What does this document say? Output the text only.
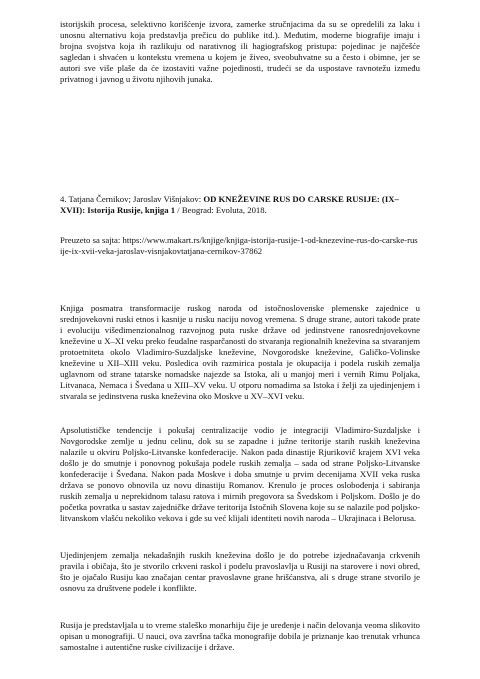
istorijskih procesa, selektivno korišćenje izvora, zamerke stručnjacima da su se opredelili za laku i unosnu alternativu koja predstavlja prečicu do publike itd.). Međutim, moderne biografije imaju i brojna svojstva koja ih razlikuju od narativnog ili hagiografskog pristupa: pojedinac je najčešće sagledan i shvaćen u kontekstu vremena u kojem je živeo, sveobuhvatne su a često i obimne, jer se autori sve više plaše da će izostaviti važne pojedinosti, trudeći se da uspostave ravnotežu između privatnog i javnog u životu njihovih junaka.

4. Tatjana Černikov; Jaroslav Višnjakov: OD KNEŽEVINE RUS DO CARSKE RUSIJE: (IX–XVII): Istorija Rusije, knjiga 1 / Beograd: Evoluta, 2018.

Preuzeto sa sajta: https://www.makart.rs/knjige/knjiga-istorija-rusije-1-od-knezevine-rus-do-carske-rusije-ix-xvii-veka-jaroslav-visnjakovtatjana-cernikov-37862

Knjiga posmatra transformacije ruskog naroda od istočnoslovenske plemenske zajednice u srednjovekovni ruski etnos i kasnije u rusku naciju novog vremena. S druge strane, autori takođe prate i evoluciju višedimenzionalnog razvojnog puta ruske države od jedinstvene ranosrednjovekovne kneževine u X–XI veku preko feudalne rasparčanosti do stvaranja regionalnih kneževina sa stvaranjem protoetniteta okolo Vladimiro-Suzdaljske kneževine, Novgorodske kneževine, Galičko-Volinske kneževine u XII–XIII veku. Posledica ovih razmirica postala je okupacija i podela ruskih zemalja uglavnom od strane tatarske nomadske najezde sa Istoka, ali u manjoj meri i vernih Rimu Poljaka, Litvanaca, Nemaca i Šveđana u XIII–XV veku. U otporu nomadima sa Istoka i želji za ujedinjenjem i stvarala se jedinstvena ruska kneževina oko Moskve u XV–XVI veku.

Apsolutističke tendencije i pokušaj centralizacije vodio je integraciji Vladimiro-Suzdaljske i Novgorodske zemlje u jednu celinu, dok su se zapadne i južne teritorije starih ruskih kneževina nalazile u okviru Poljsko-Litvanske konfederacije. Nakon pada dinastije Rjurikovič krajem XVI veka došlo je do smutnje i ponovnog pokušaja podele ruskih zemalja – sada od strane Poljsko-Litvanske konfederacije i Šveđana. Nakon pada Moskve i doba smutnje u prvim decenijama XVII veka ruska država se ponovo obnovila uz novu dinastiju Romanov. Krenulo je proces oslobođenja i sabiranja ruskih zemalja u neprekidnom talasu ratova i mirnih pregovora sa Švedskom i Poljskom. Došlo je do početka povratka u sastav zajedničke države teritorija Istočnih Slovena koje su se nalazile pod poljsko-litvanskom vlašću nekoliko vekova i gde su već klijali identiteti novih naroda – Ukrajinaca i Belorusa.

Ujedinjenjem zemalja nekadašnjih ruskih kneževina došlo je do potrebe izjednačavanja crkvenih pravila i običaja, što je stvorilo crkveni raskol i podelu pravoslavlja u Rusiji na starovere i novi obred, što je ojačalo Rusiju kao značajan centar pravoslavne grane hrišćanstva, ali s druge strane stvorilo je osnovu za društvene podele i konflikte.

Rusija je predstavljala u to vreme staleško monarhiju čije je uređenje i način delovanja veoma slikovito opisan u monografiji. U nauci, ova završna tačka monografije dobila je priznanje kao trenutak vrhunca samostalne i autentične ruske civilizacije i države.
